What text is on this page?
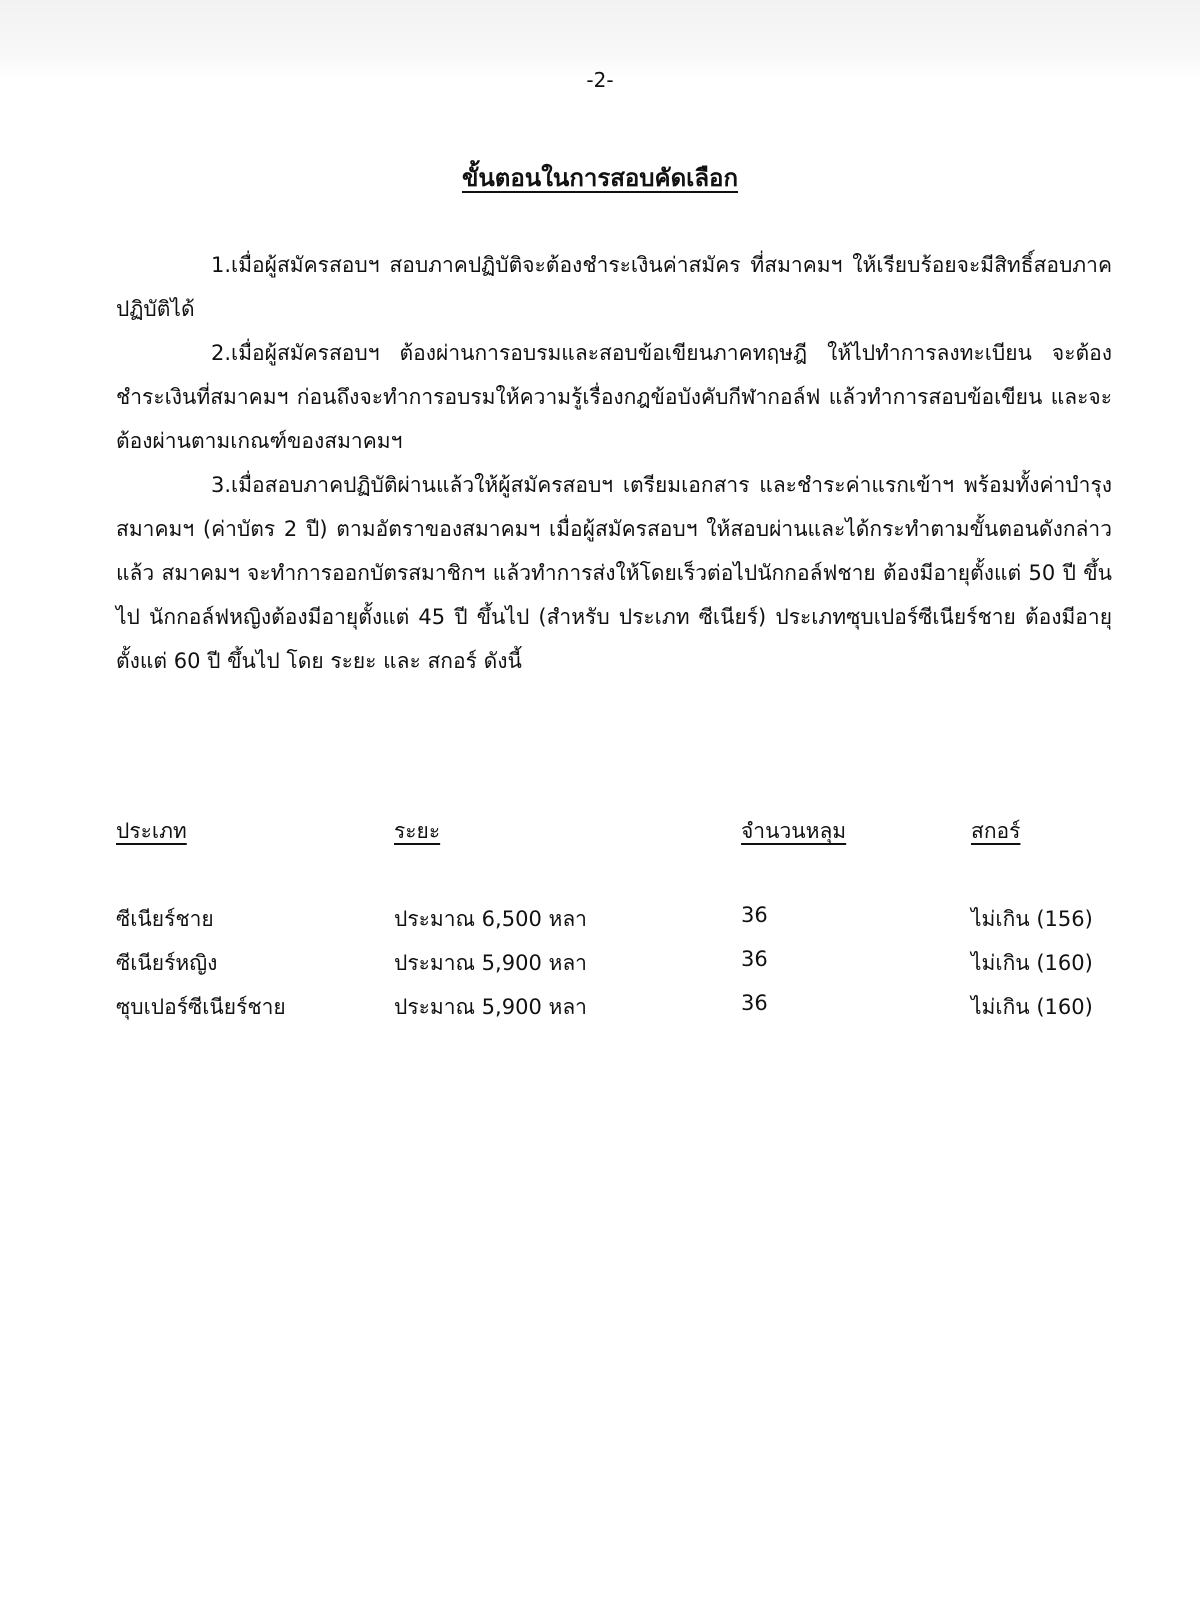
-2-
ขั้นตอนในการสอบคัดเลือก

1.เมื่อผู้สมัครสอบฯ สอบภาคปฏิบัติจะต้องชำระเงินค่าสมัคร ที่สมาคมฯ ให้เรียบร้อยจะมีสิทธิ์สอบภาคปฏิบัติได้

2.เมื่อผู้สมัครสอบฯ ต้องผ่านการอบรมและสอบข้อเขียนภาคทฤษฎี ให้ไปทำการลงทะเบียน จะต้องชำระเงินที่สมาคมฯ ก่อนถึงจะทำการอบรมให้ความรู้เรื่องกฎข้อบังคับกีฬากอล์ฟ แล้วทำการสอบข้อเขียน และจะต้องผ่านตามเกณฑ์ของสมาคมฯ

3.เมื่อสอบภาคปฏิบัติผ่านแล้วให้ผู้สมัครสอบฯ เตรียมเอกสาร และชำระค่าแรกเข้าฯ พร้อมทั้งค่าบำรุงสมาคมฯ (ค่าบัตร 2 ปี) ตามอัตราของสมาคมฯ เมื่อผู้สมัครสอบฯ ให้สอบผ่านและได้กระทำตามขั้นตอนดังกล่าวแล้ว สมาคมฯ จะทำการออกบัตรสมาชิกฯ แล้วทำการส่งให้โดยเร็วต่อไปนักกอล์ฟชาย ต้องมีอายุตั้งแต่ 50 ปี ขึ้นไป นักกอล์ฟหญิงต้องมีอายุตั้งแต่ 45 ปี ขึ้นไป (สำหรับ ประเภท ซีเนียร์) ประเภทซุบเปอร์ซีเนียร์ชาย ต้องมีอายุ ตั้งแต่ 60 ปี ขึ้นไป โดย ระยะ และ สกอร์ ดังนี้

ประเภท	ระยะ	จำนวนหลุม	สกอร์
ซีเนียร์ชาย	ประมาณ 6,500 หลา	36	ไม่เกิน (156)
ซีเนียร์หญิง	ประมาณ 5,900 หลา	36	ไม่เกิน (160)
ซุบเปอร์ซีเนียร์ชาย	ประมาณ 5,900 หลา	36	ไม่เกิน (160)
